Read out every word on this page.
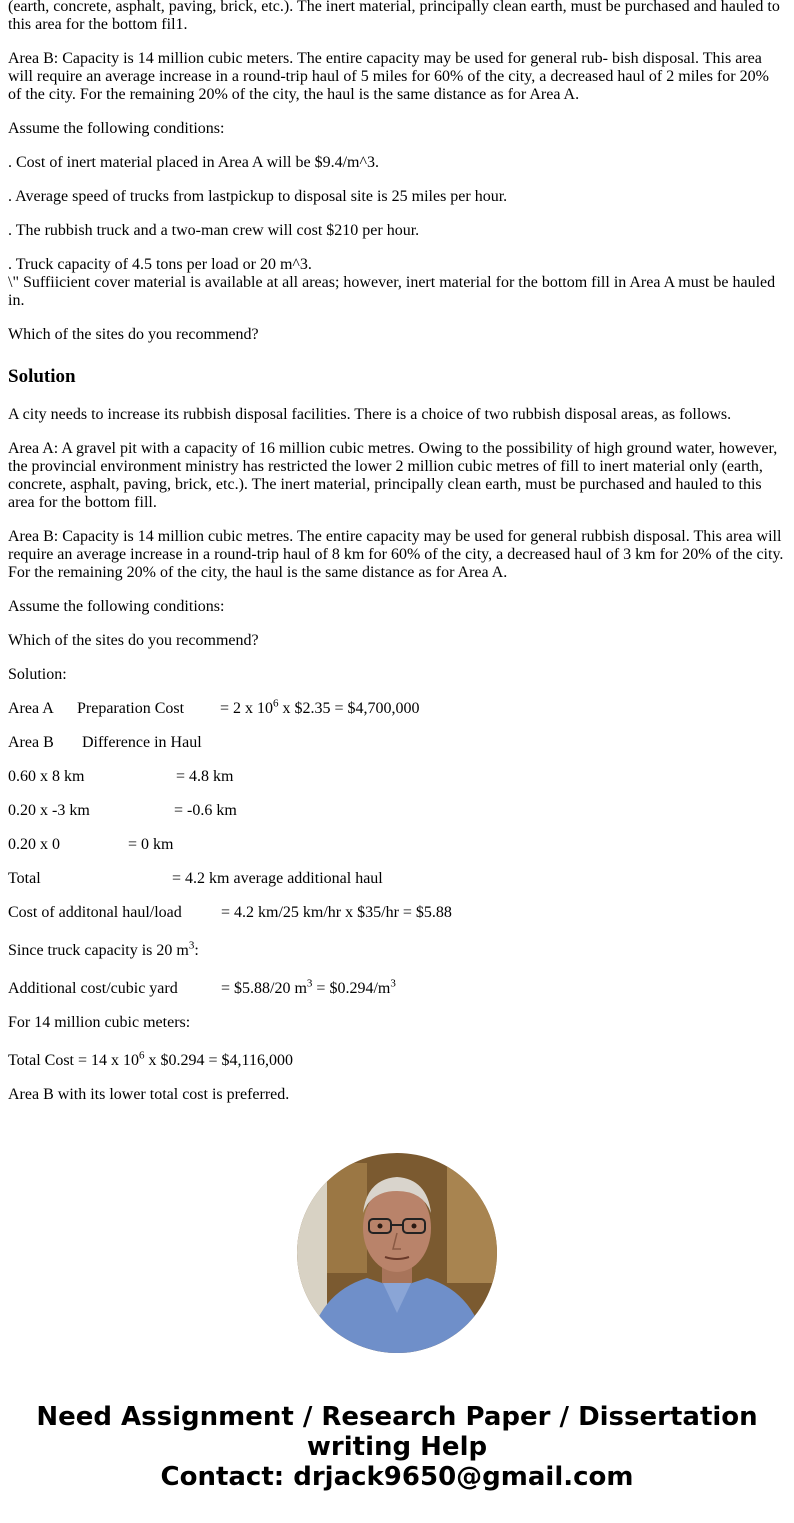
(earth, concrete, asphalt, paving, brick, etc.). The inert material, principally clean earth, must be purchased and hauled to this area for the bottom fil1.

Area B: Capacity is 14 million cubic meters. The entire capacity may be used for general rub- bish disposal. This area will require an average increase in a round-trip haul of 5 miles for 60% of the city, a decreased haul of 2 miles for 20% of the city. For the remaining 20% of the city, the haul is the same distance as for Area A.

Assume the following conditions:

. Cost of inert material placed in Area A will be $9.4/m^3.

. Average speed of trucks from lastpickup to disposal site is 25 miles per hour.

. The rubbish truck and a two-man crew will cost $210 per hour.

. Truck capacity of 4.5 tons per load or 20 m^3.
\" Suffiicient cover material is available at all areas; however, inert material for the bottom fill in Area A must be hauled in.

Which of the sites do you recommend?

Solution

A city needs to increase its rubbish disposal facilities. There is a choice of two rubbish disposal areas, as follows.

Area A: A gravel pit with a capacity of 16 million cubic metres. Owing to the possibility of high ground water, however, the provincial environment ministry has restricted the lower 2 million cubic metres of fill to inert material only (earth, concrete, asphalt, paving, brick, etc.). The inert material, principally clean earth, must be purchased and hauled to this area for the bottom fill.

Area B: Capacity is 14 million cubic metres. The entire capacity may be used for general rubbish disposal. This area will require an average increase in a round-trip haul of 8 km for 60% of the city, a decreased haul of 3 km for 20% of the city. For the remaining 20% of the city, the haul is the same distance as for Area A.

Assume the following conditions:

Which of the sites do you recommend?

Solution:

Area A Preparation Cost = 2 x $10^6$ x $2.35 = $4,700,000

Area B Difference in Haul

0.60 x 8 km	= 4.8 km

0.20 x -3 km	= -0.6 km

0.20 x 0	= 0 km

Total	= 4.2 km average additional haul

Cost of additonal haul/load = 4.2 km/25 km/hr x $35/hr = $5.88

Since truck capacity is 20 $m^3$:

Additional cost/cubic yard	= $5.88/20 $m^3$ = $\$0.294/m^3$

For 14 million cubic meters:

Total Cost = 14 x $10^6$ x $0.294 = $4,116,000

Area B with its lower total cost is preferred.

Need Assignment / Research Paper / Dissertation
writing Help
Contact: drjack9650@gmail.com
